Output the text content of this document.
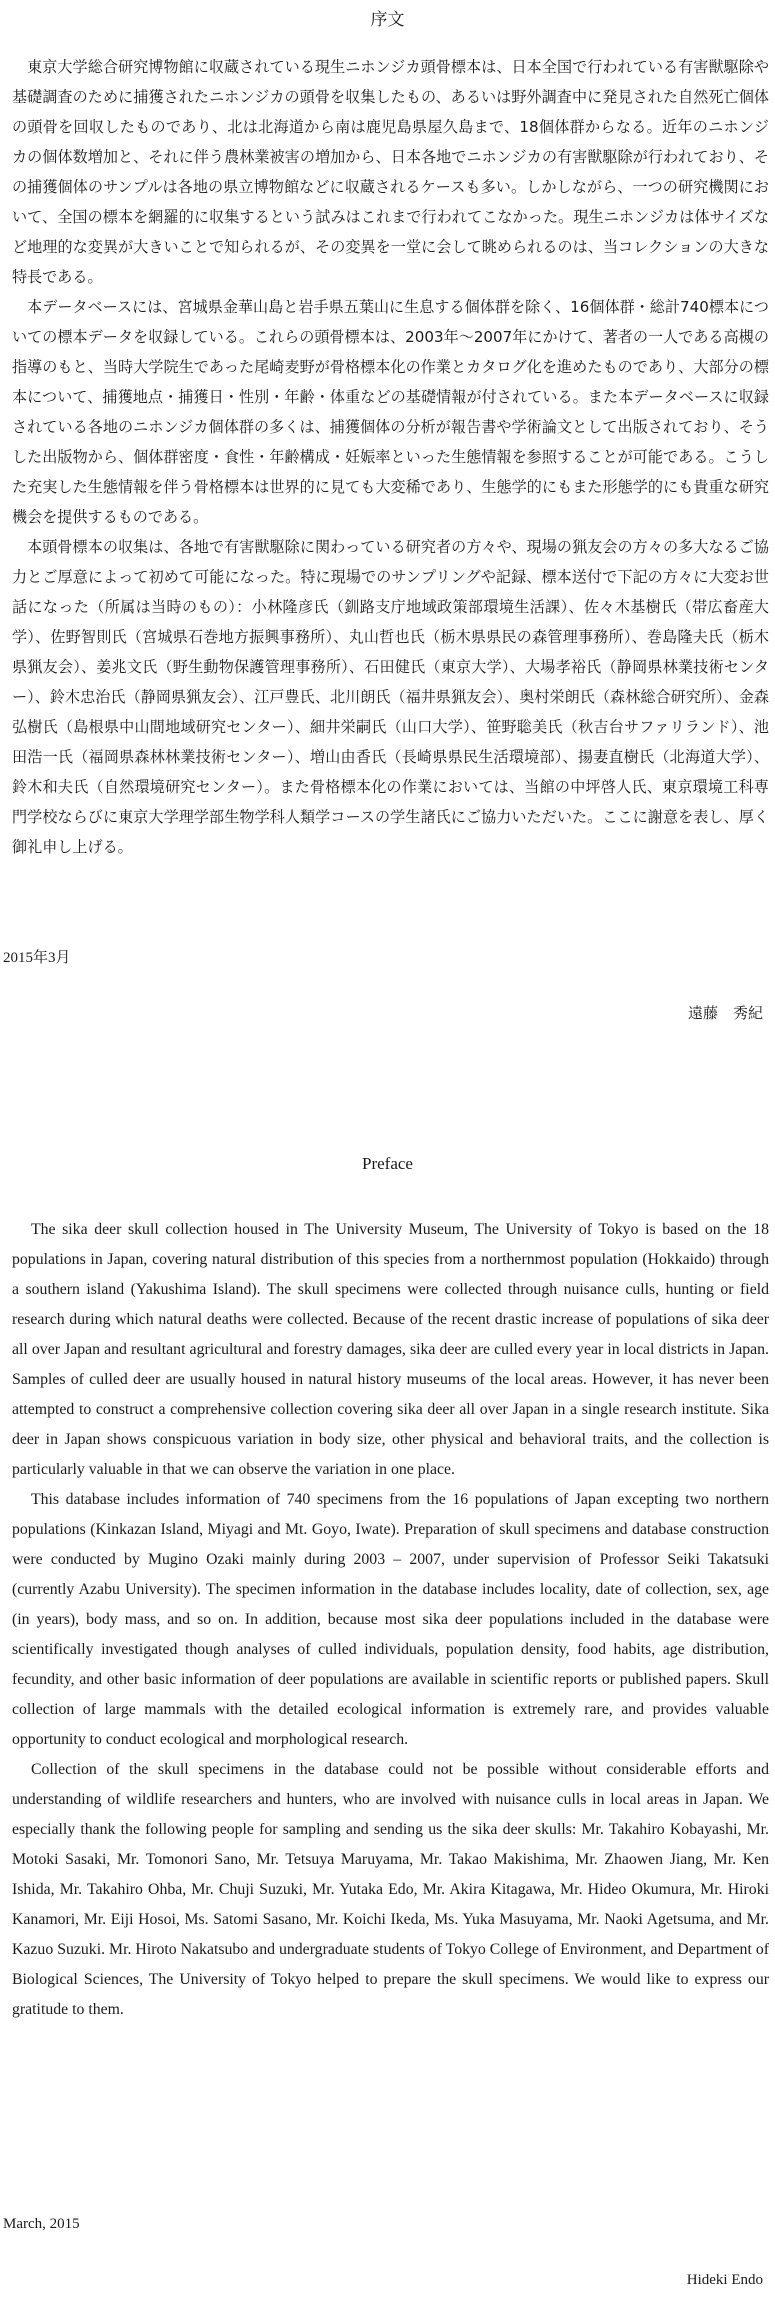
序文

東京大学総合研究博物館に収蔵されている現生ニホンジカ頭骨標本は、日本全国で行われている有害獣駆除や基礎調査のために捕獲されたニホンジカの頭骨を収集したもの、あるいは野外調査中に発見された自然死亡個体の頭骨を回収したものであり、北は北海道から南は鹿児島県屋久島まで、18個体群からなる。近年のニホンジカの個体数増加と、それに伴う農林業被害の増加から、日本各地でニホンジカの有害獣駆除が行われており、その捕獲個体のサンプルは各地の県立博物館などに収蔵されるケースも多い。しかしながら、一つの研究機関において、全国の標本を網羅的に収集するという試みはこれまで行われてこなかった。現生ニホンジカは体サイズなど地理的な変異が大きいことで知られるが、その変異を一堂に会して眺められるのは、当コレクションの大きな特長である。

本データベースには、宮城県金華山島と岩手県五葉山に生息する個体群を除く、16個体群・総計740標本についての標本データを収録している。これらの頭骨標本は、2003年〜2007年にかけて、著者の一人である高槻の指導のもと、当時大学院生であった尾崎麦野が骨格標本化の作業とカタログ化を進めたものであり、大部分の標本について、捕獲地点・捕獲日・性別・年齢・体重などの基礎情報が付されている。また本データベースに収録されている各地のニホンジカ個体群の多くは、捕獲個体の分析が報告書や学術論文として出版されており、そうした出版物から、個体群密度・食性・年齢構成・妊娠率といった生態情報を参照することが可能である。こうした充実した生態情報を伴う骨格標本は世界的に見ても大変稀であり、生態学的にもまた形態学的にも貴重な研究機会を提供するものである。

本頭骨標本の収集は、各地で有害獣駆除に関わっている研究者の方々や、現場の猟友会の方々の多大なるご協力とご厚意によって初めて可能になった。特に現場でのサンプリングや記録、標本送付で下記の方々に大変お世話になった（所属は当時のもの）：小林隆彦氏（釧路支庁地域政策部環境生活課）、佐々木基樹氏（帯広畜産大学）、佐野智則氏（宮城県石巻地方振興事務所）、丸山哲也氏（栃木県県民の森管理事務所）、巻島隆夫氏（栃木県猟友会）、姜兆文氏（野生動物保護管理事務所）、石田健氏（東京大学）、大場孝裕氏（静岡県林業技術センター）、鈴木忠治氏（静岡県猟友会）、江戸豊氏、北川朗氏（福井県猟友会）、奥村栄朗氏（森林総合研究所）、金森弘樹氏（島根県中山間地域研究センター）、細井栄嗣氏（山口大学）、笹野聡美氏（秋吉台サファリランド）、池田浩一氏（福岡県森林林業技術センター）、増山由香氏（長崎県県民生活環境部）、揚妻直樹氏（北海道大学）、鈴木和夫氏（自然環境研究センター）。また骨格標本化の作業においては、当館の中坪啓人氏、東京環境工科専門学校ならびに東京大学理学部生物学科人類学コースの学生諸氏にご協力いただいた。ここに謝意を表し、厚く御礼申し上げる。

2015年3月

遠藤　秀紀

Preface

The sika deer skull collection housed in The University Museum, The University of Tokyo is based on the 18 populations in Japan, covering natural distribution of this species from a northernmost population (Hokkaido) through a southern island (Yakushima Island). The skull specimens were collected through nuisance culls, hunting or field research during which natural deaths were collected. Because of the recent drastic increase of populations of sika deer all over Japan and resultant agricultural and forestry damages, sika deer are culled every year in local districts in Japan. Samples of culled deer are usually housed in natural history museums of the local areas. However, it has never been attempted to construct a comprehensive collection covering sika deer all over Japan in a single research institute. Sika deer in Japan shows conspicuous variation in body size, other physical and behavioral traits, and the collection is particularly valuable in that we can observe the variation in one place.

This database includes information of 740 specimens from the 16 populations of Japan excepting two northern populations (Kinkazan Island, Miyagi and Mt. Goyo, Iwate). Preparation of skull specimens and database construction were conducted by Mugino Ozaki mainly during 2003 – 2007, under supervision of Professor Seiki Takatsuki (currently Azabu University). The specimen information in the database includes locality, date of collection, sex, age (in years), body mass, and so on. In addition, because most sika deer populations included in the database were scientifically investigated though analyses of culled individuals, population density, food habits, age distribution, fecundity, and other basic information of deer populations are available in scientific reports or published papers. Skull collection of large mammals with the detailed ecological information is extremely rare, and provides valuable opportunity to conduct ecological and morphological research.

Collection of the skull specimens in the database could not be possible without considerable efforts and understanding of wildlife researchers and hunters, who are involved with nuisance culls in local areas in Japan. We especially thank the following people for sampling and sending us the sika deer skulls: Mr. Takahiro Kobayashi, Mr. Motoki Sasaki, Mr. Tomonori Sano, Mr. Tetsuya Maruyama, Mr. Takao Makishima, Mr. Zhaowen Jiang, Mr. Ken Ishida, Mr. Takahiro Ohba, Mr. Chuji Suzuki, Mr. Yutaka Edo, Mr. Akira Kitagawa, Mr. Hideo Okumura, Mr. Hiroki Kanamori, Mr. Eiji Hosoi, Ms. Satomi Sasano, Mr. Koichi Ikeda, Ms. Yuka Masuyama, Mr. Naoki Agetsuma, and Mr. Kazuo Suzuki. Mr. Hiroto Nakatsubo and undergraduate students of Tokyo College of Environment, and Department of Biological Sciences, The University of Tokyo helped to prepare the skull specimens. We would like to express our gratitude to them.

March, 2015

Hideki Endo
